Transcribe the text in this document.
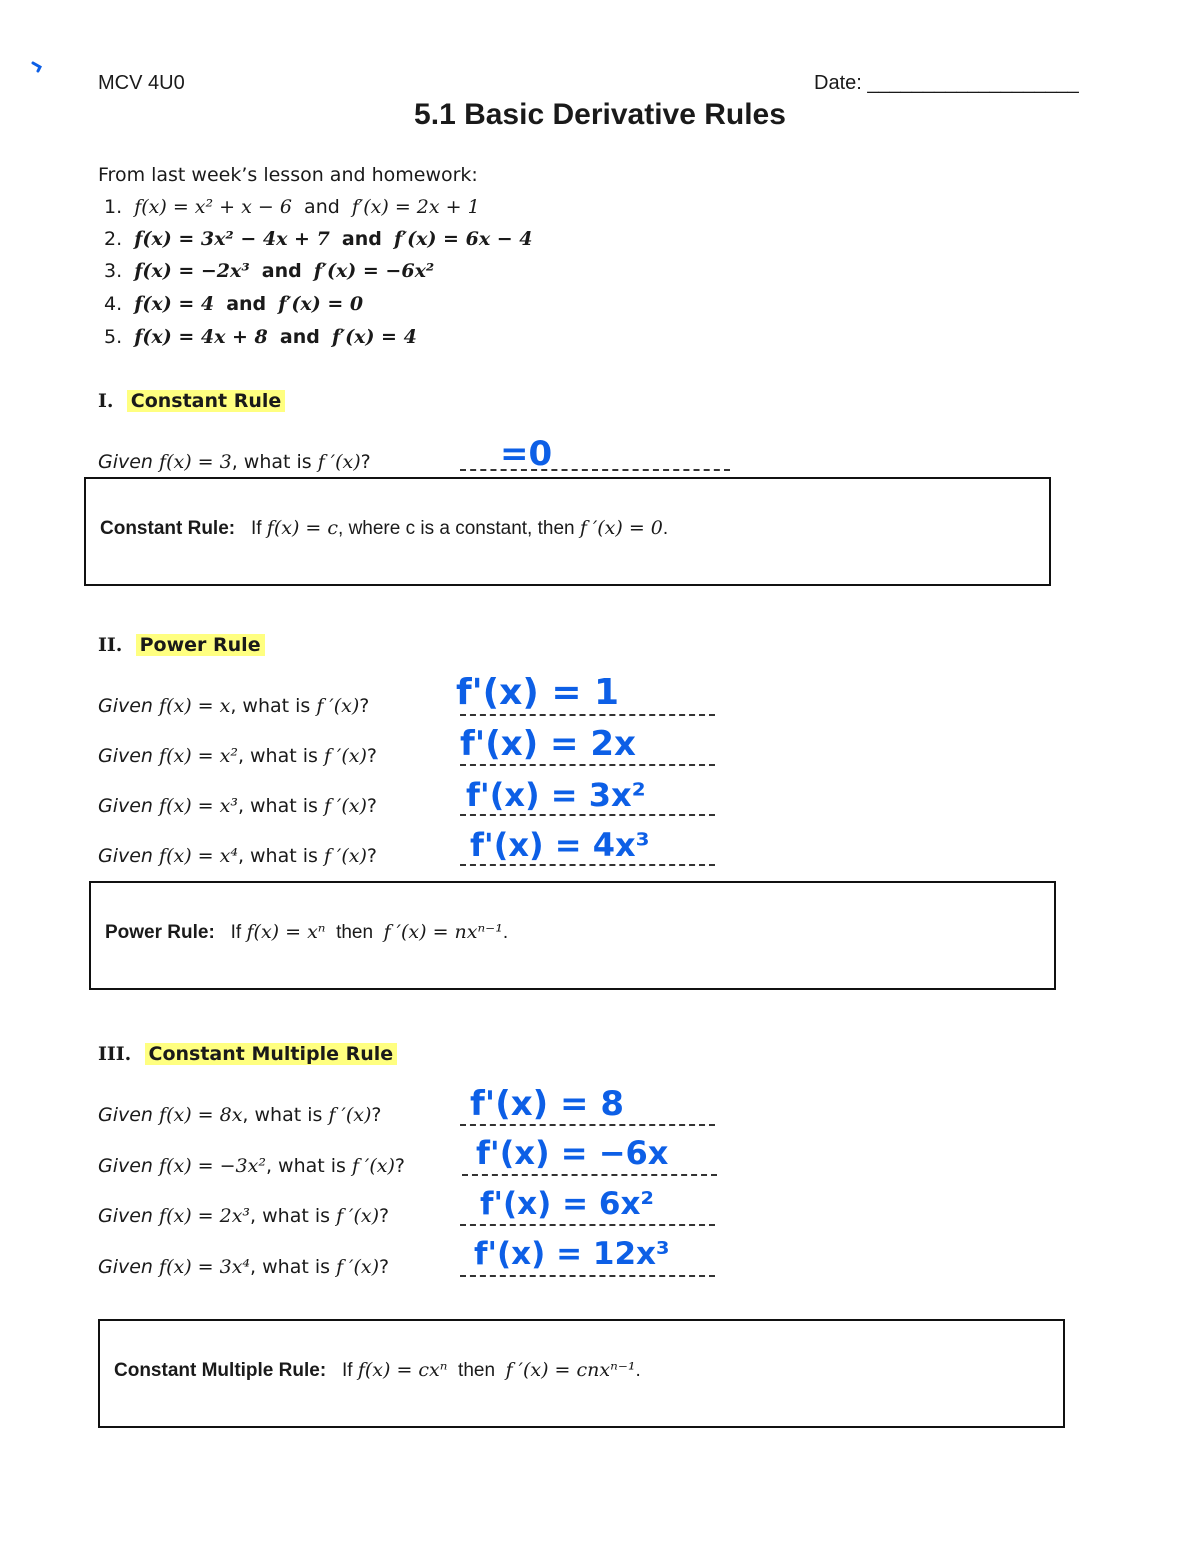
MCV 4U0	Date: ___________________
5.1 Basic Derivative Rules
From last week’s lesson and homework:
1. f(x) = x² + x − 6 and f′(x) = 2x + 1
2. f(x) = 3x² − 4x + 7 and f′(x) = 6x − 4
3. f(x) = −2x³ and f′(x) = −6x²
4. f(x) = 4 and f′(x) = 0
5. f(x) = 4x + 8 and f′(x) = 4
I. Constant Rule
Given f(x) = 3, what is f ′(x)?	=0
Constant Rule: If f(x) = c, where c is a constant, then f ′(x) = 0.
II. Power Rule
Given f(x) = x, what is f ′(x)? f'(x) = 1
Given f(x) = x², what is f ′(x)? f'(x) = 2x
Given f(x) = x³, what is f ′(x)?	f'(x) = 3x²
Given f(x) = x⁴, what is f ′(x)?	f'(x) = 4x³
Power Rule: If f(x) = xⁿ then f ′(x) = nxⁿ⁻¹.
III. Constant Multiple Rule
Given f(x) = 8x, what is f ′(x)?	f'(x) = 8
Given f(x) = −3x², what is f ′(x)? f'(x) = −6x
Given f(x) = 2x³, what is f ′(x)?	f'(x) = 6x²
Given f(x) = 3x⁴, what is f ′(x)?	f'(x) = 12x³
Constant Multiple Rule: If f(x) = cxⁿ then f ′(x) = cnxⁿ⁻¹.
